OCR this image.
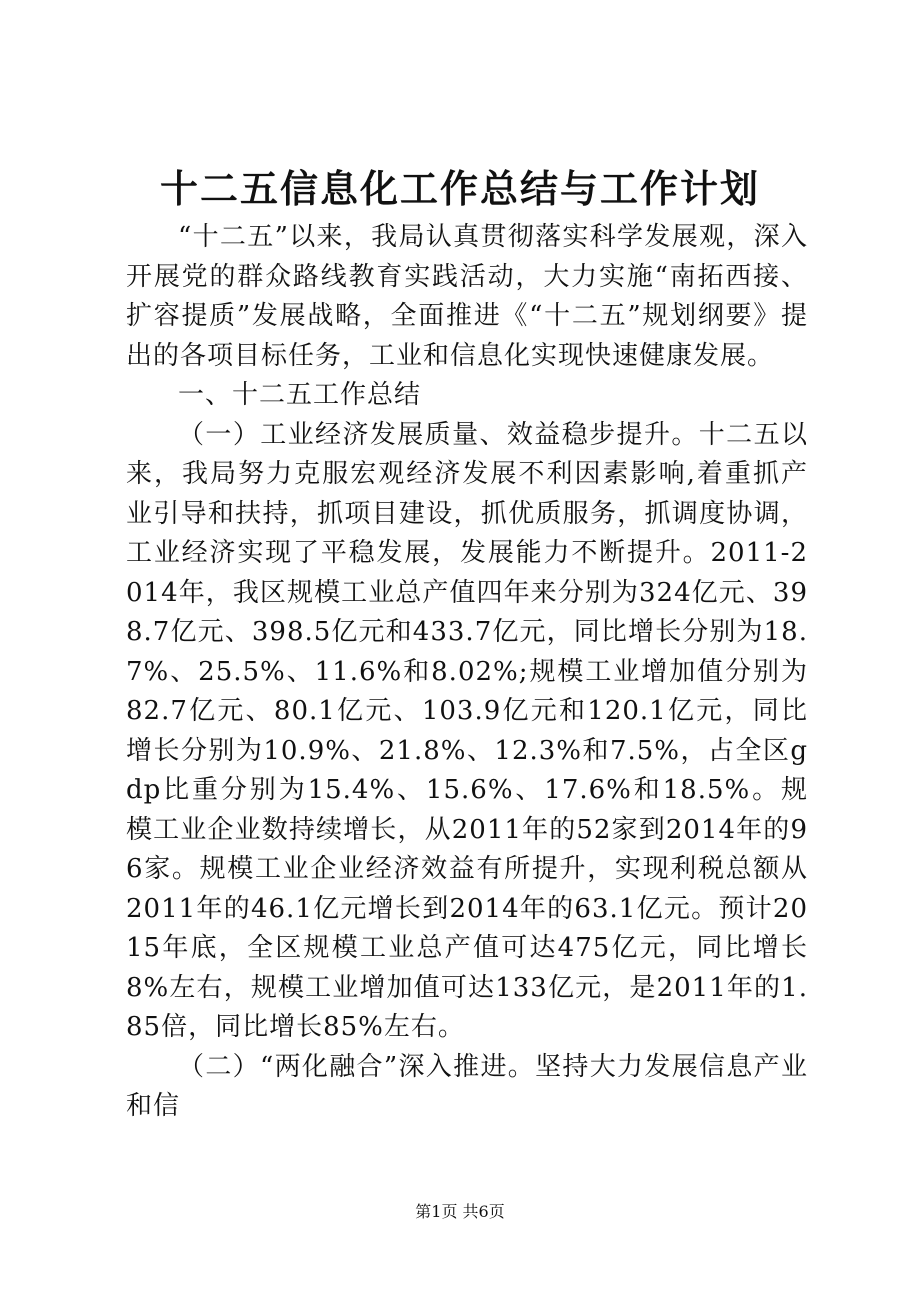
十二五信息化工作总结与工作计划

“十二五”以来，我局认真贯彻落实科学发展观，深入开展党的群众路线教育实践活动，大力实施“南拓西接、扩容提质”发展战略，全面推进《“十二五”规划纲要》提出的各项目标任务，工业和信息化实现快速健康发展。

一、十二五工作总结

（一）工业经济发展质量、效益稳步提升。十二五以来，我局努力克服宏观经济发展不利因素影响,着重抓产业引导和扶持，抓项目建设，抓优质服务，抓调度协调，工业经济实现了平稳发展，发展能力不断提升。2011-2014年，我区规模工业总产值四年来分别为324亿元、398.7亿元、398.5亿元和433.7亿元，同比增长分别为18.7%、25.5%、11.6%和8.02%;规模工业增加值分别为82.7亿元、80.1亿元、103.9亿元和120.1亿元，同比增长分别为10.9%、21.8%、12.3%和7.5%，占全区gdp比重分别为15.4%、15.6%、17.6%和18.5%。规模工业企业数持续增长，从2011年的52家到2014年的96家。规模工业企业经济效益有所提升，实现利税总额从2011年的46.1亿元增长到2014年的63.1亿元。预计2015年底，全区规模工业总产值可达475亿元，同比增长8%左右，规模工业增加值可达133亿元，是2011年的1.85倍，同比增长85%左右。

（二）“两化融合”深入推进。坚持大力发展信息产业和信

第1页 共6页
